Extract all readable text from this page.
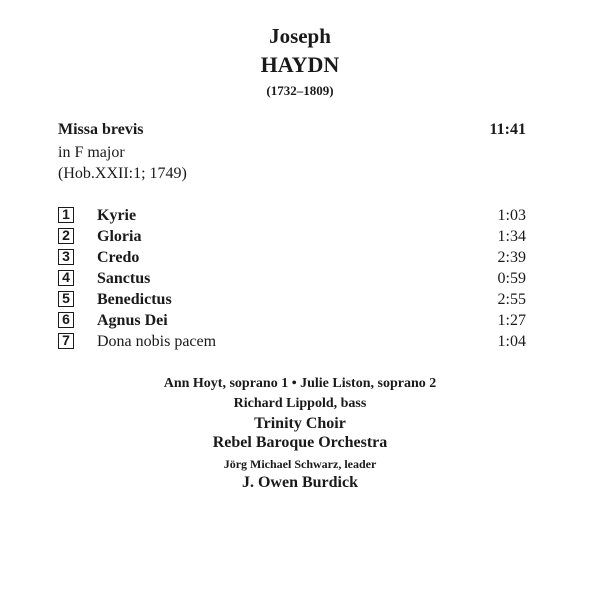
Joseph
HAYDN
(1732–1809)
Missa brevis	11:41
in F major
(Hob.XXII:1; 1749)
1 Kyrie	1:03
2 Gloria	1:34
3 Credo	2:39
4 Sanctus	0:59
5 Benedictus	2:55
6 Agnus Dei	1:27
7 Dona nobis pacem	1:04
Ann Hoyt, soprano 1 • Julie Liston, soprano 2
Richard Lippold, bass
Trinity Choir
Rebel Baroque Orchestra
Jörg Michael Schwarz, leader
J. Owen Burdick
